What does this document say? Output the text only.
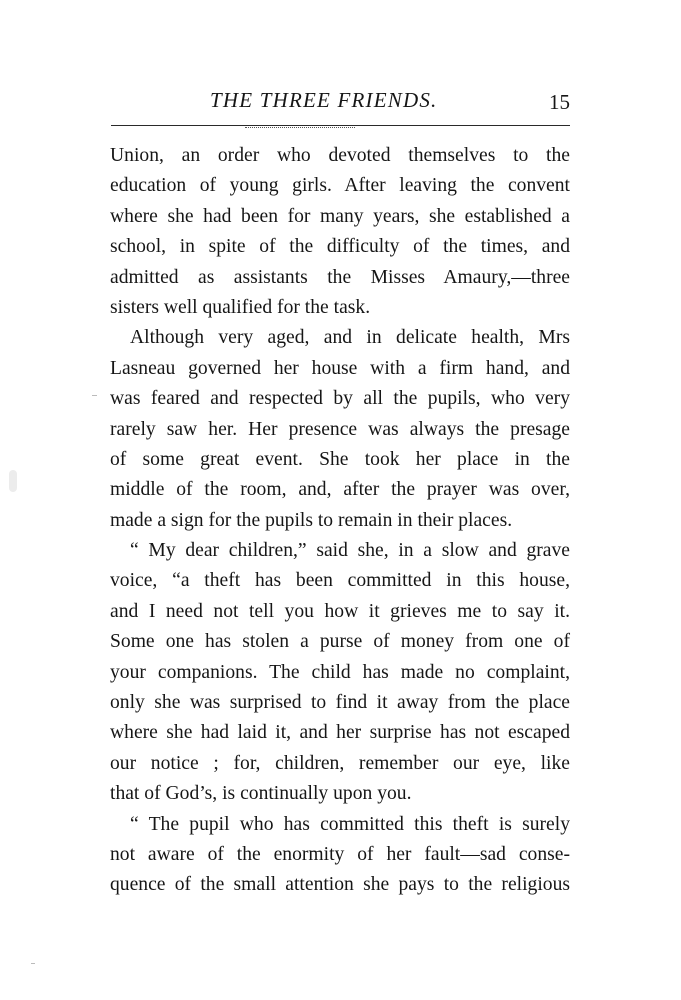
THE THREE FRIENDS.	15

Union, an order who devoted themselves to the
education of young girls. After leaving the convent
where she had been for many years, she established a
school, in spite of the difficulty of the times, and
admitted as assistants the Misses Amaury,—three
sisters well qualified for the task.

Although very aged, and in delicate health, Mrs
Lasneau governed her house with a firm hand, and
was feared and respected by all the pupils, who very
rarely saw her. Her presence was always the presage
of some great event. She took her place in the
middle of the room, and, after the prayer was over,
made a sign for the pupils to remain in their places.

“ My dear children,” said she, in a slow and grave
voice, “a theft has been committed in this house,
and I need not tell you how it grieves me to say it.
Some one has stolen a purse of money from one of
your companions. The child has made no complaint,
only she was surprised to find it away from the place
where she had laid it, and her surprise has not escaped
our notice ; for, children, remember our eye, like
that of God’s, is continually upon you.

“ The pupil who has committed this theft is surely
not aware of the enormity of her fault—sad conse-
quence of the small attention she pays to the religious
